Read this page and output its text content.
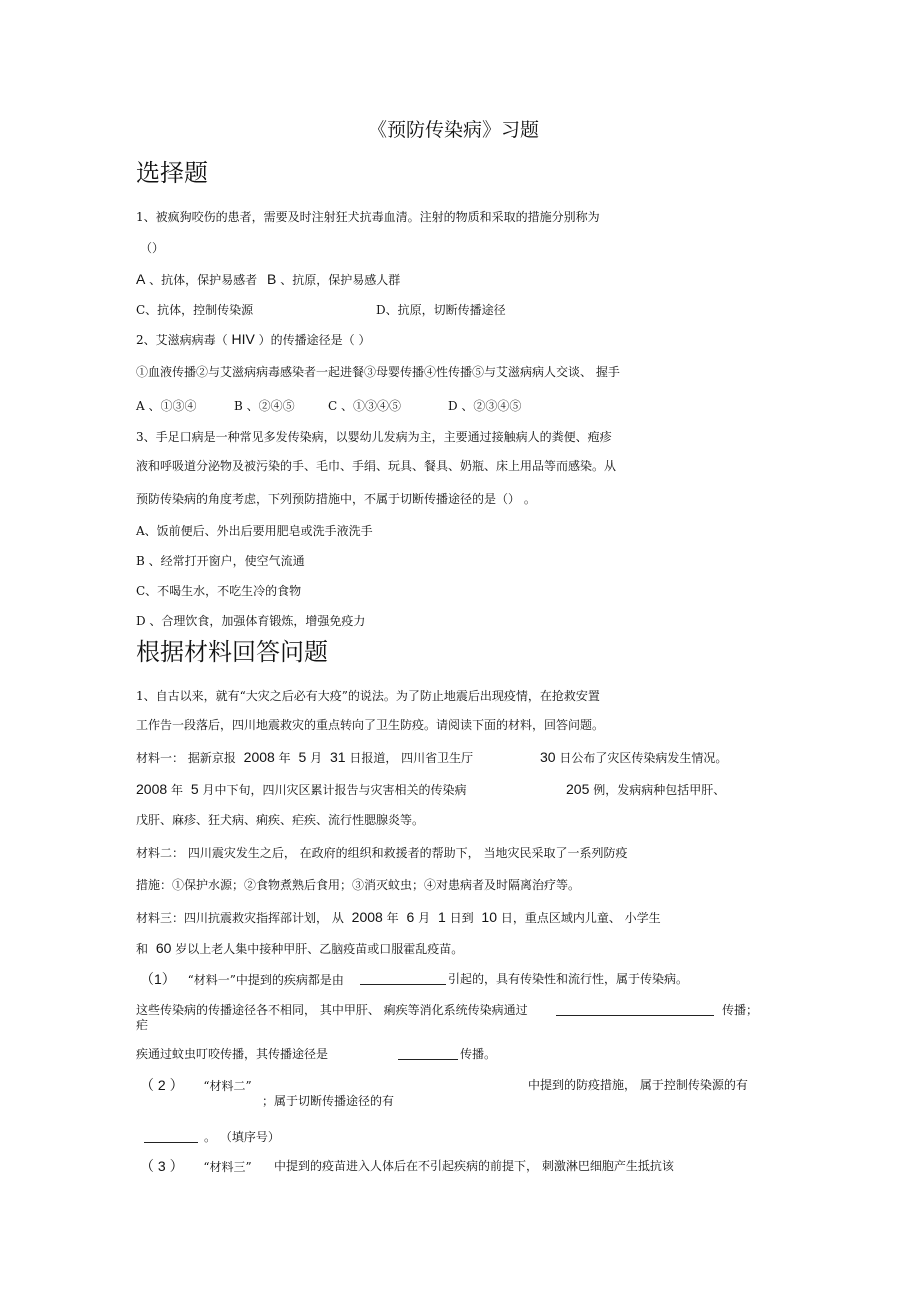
《预防传染病》习题
选择题
1、被疯狗咬伤的患者，需要及时注射狂犬抗毒血清。注射的物质和采取的措施分别称为
（）
A 、抗体，保护易感者 B 、抗原，保护易感人群
C、抗体，控制传染源	D、抗原，切断传播途径
2、艾滋病病毒（ HIV ）的传播途径是（ ）
①血液传播②与艾滋病病毒感染者一起进餐③母婴传播④性传播⑤与艾滋病病人交谈、 握手
A 、①③④	B 、②④⑤	C 、①③④⑤	D 、②③④⑤
3、手足口病是一种常见多发传染病，以婴幼儿发病为主，主要通过接触病人的粪便、疱疹
液和呼吸道分泌物及被污染的手、毛巾、手绢、玩具、餐具、奶瓶、床上用品等而感染。从
预防传染病的角度考虑，下列预防措施中，不属于切断传播途径的是（） 。
A、饭前便后、外出后要用肥皂或洗手液洗手
B 、经常打开窗户，使空气流通
C、不喝生水，不吃生冷的食物
D 、合理饮食，加强体育锻炼，增强免疫力
根据材料回答问题
1、自古以来，就有“大灾之后必有大疫”的说法。为了防止地震后出现疫情，在抢救安置
工作告一段落后，四川地震救灾的重点转向了卫生防疫。请阅读下面的材料，回答问题。
材料一： 据新京报 2008 年 5 月 31 日报道， 四川省卫生厅	30 日公布了灾区传染病发生情况。
2008 年 5 月中下旬，四川灾区累计报告与灾害相关的传染病	205 例，发病病种包括甲肝、
戊肝、麻疹、狂犬病、痢疾、疟疾、流行性腮腺炎等。
材料二： 四川震灾发生之后， 在政府的组织和救援者的帮助下， 当地灾民采取了一系列防疫
措施：①保护水源；②食物煮熟后食用；③消灭蚊虫；④对患病者及时隔离治疗等。
材料三：四川抗震救灾指挥部计划， 从 2008 年 6 月 1 日到 10 日，重点区域内儿童、 小学生
和 60 岁以上老人集中接种甲肝、乙脑疫苗或口服霍乱疫苗。
（1） “材料一”中提到的疾病都是由	引起的，具有传染性和流行性，属于传染病。
这些传染病的传播途径各不相同， 其中甲肝、 痢疾等消化系统传染病通过	传播；
疟
疾通过蚊虫叮咬传播，其传播途径是	传播。
（ 2 ） “材料二”	中提到的防疫措施， 属于控制传染源的有
；属于切断传播途径的有
。 （填序号）
（ 3 ） “材料三” 中提到的疫苗进入人体后在不引起疾病的前提下， 刺激淋巴细胞产生抵抗该
